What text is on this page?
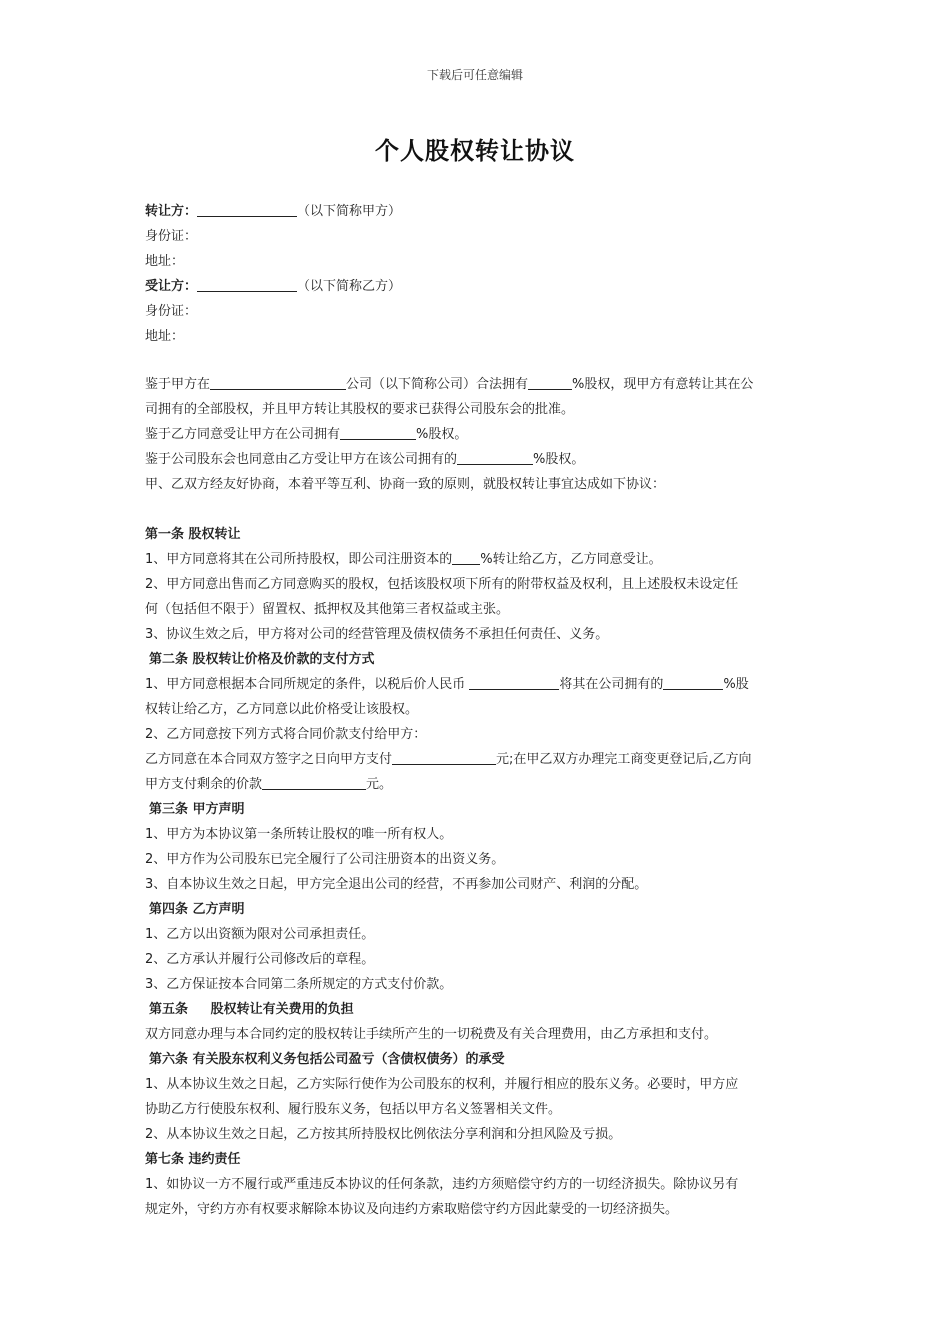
下载后可任意编辑
个人股权转让协议
转让方：	（以下简称甲方）
身份证：
地址：
受让方：	（以下简称乙方）
身份证：
地址：
鉴于甲方在	公司（以下简称公司）合法拥有	%股权，现甲方有意转让其在公
司拥有的全部股权，并且甲方转让其股权的要求已获得公司股东会的批准。
鉴于乙方同意受让甲方在公司拥有	%股权。
鉴于公司股东会也同意由乙方受让甲方在该公司拥有的	%股权。
甲、乙双方经友好协商，本着平等互利、协商一致的原则，就股权转让事宜达成如下协议：
第一条 股权转让
1、甲方同意将其在公司所持股权，即公司注册资本的 %转让给乙方，乙方同意受让。
2、甲方同意出售而乙方同意购买的股权，包括该股权项下所有的附带权益及权利，且上述股权未设定任
何（包括但不限于）留置权、抵押权及其他第三者权益或主张。
3、协议生效之后，甲方将对公司的经营管理及债权债务不承担任何责任、义务。
第二条 股权转让价格及价款的支付方式
1、甲方同意根据本合同所规定的条件，以税后价人民币	将其在公司拥有的	%股
权转让给乙方，乙方同意以此价格受让该股权。
2、乙方同意按下列方式将合同价款支付给甲方：
乙方同意在本合同双方签字之日向甲方支付	元;在甲乙双方办理完工商变更登记后,乙方向
甲方支付剩余的价款	元。
第三条 甲方声明
1、甲方为本协议第一条所转让股权的唯一所有权人。
2、甲方作为公司股东已完全履行了公司注册资本的出资义务。
3、自本协议生效之日起，甲方完全退出公司的经营，不再参加公司财产、利润的分配。
第四条 乙方声明
1、乙方以出资额为限对公司承担责任。
2、乙方承认并履行公司修改后的章程。
3、乙方保证按本合同第二条所规定的方式支付价款。
第五条     股权转让有关费用的负担
双方同意办理与本合同约定的股权转让手续所产生的一切税费及有关合理费用，由乙方承担和支付。
第六条 有关股东权利义务包括公司盈亏（含债权债务）的承受
1、从本协议生效之日起，乙方实际行使作为公司股东的权利，并履行相应的股东义务。必要时，甲方应
协助乙方行使股东权利、履行股东义务，包括以甲方名义签署相关文件。
2、从本协议生效之日起，乙方按其所持股权比例依法分享利润和分担风险及亏损。
第七条 违约责任
1、如协议一方不履行或严重违反本协议的任何条款，违约方须赔偿守约方的一切经济损失。除协议另有
规定外，守约方亦有权要求解除本协议及向违约方索取赔偿守约方因此蒙受的一切经济损失。
